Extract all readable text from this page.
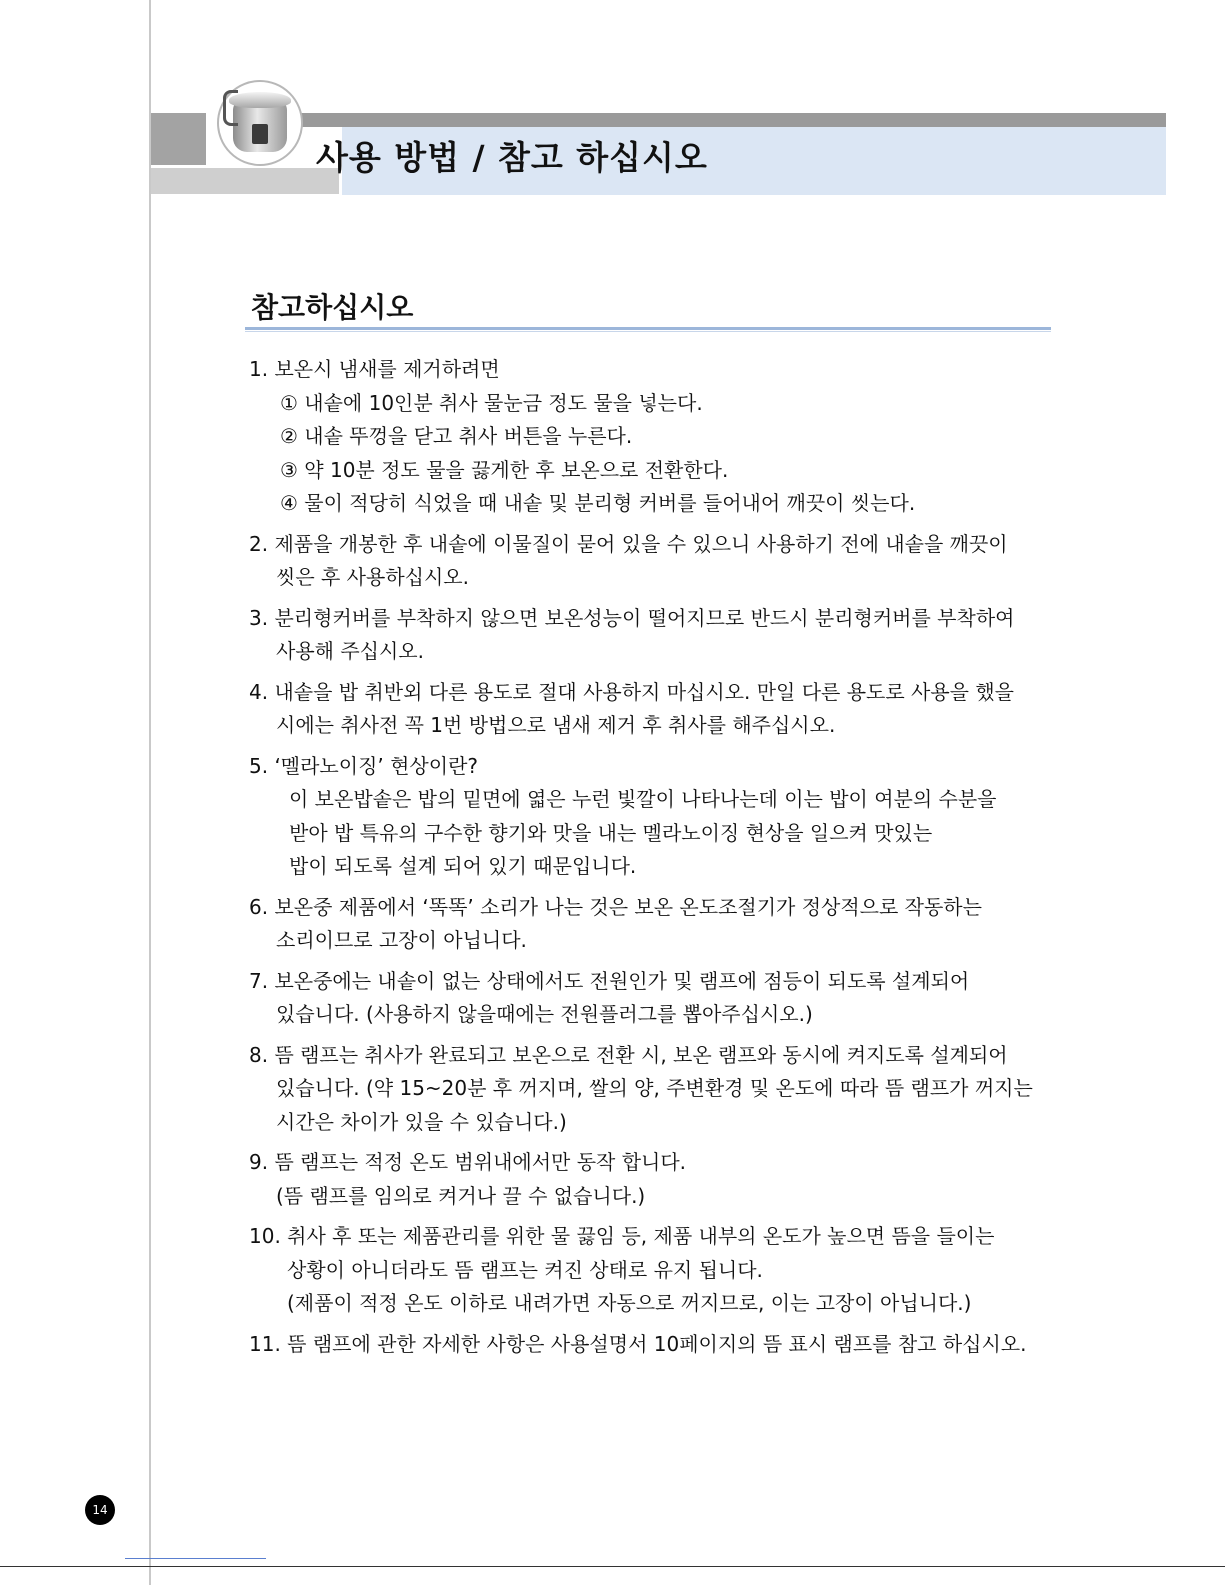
사용 방법 / 참고 하십시오
참고하십시오

1. 보온시 냄새를 제거하려면

① 내솥에 10인분 취사 물눈금 정도 물을 넣는다.

② 내솥 뚜껑을 닫고 취사 버튼을 누른다.

③ 약 10분 정도 물을 끓게한 후 보온으로 전환한다.

④ 물이 적당히 식었을 때 내솥 및 분리형 커버를 들어내어 깨끗이 씻는다.

2. 제품을 개봉한 후 내솥에 이물질이 묻어 있을 수 있으니 사용하기 전에 내솥을 깨끗이

씻은 후 사용하십시오.

3. 분리형커버를 부착하지 않으면 보온성능이 떨어지므로 반드시 분리형커버를 부착하여

사용해 주십시오.

4. 내솥을 밥 취반외 다른 용도로 절대 사용하지 마십시오. 만일 다른 용도로 사용을 했을

시에는 취사전 꼭 1번 방법으로 냄새 제거 후 취사를 해주십시오.

5. ‘멜라노이징’ 현상이란?

이 보온밥솥은 밥의 밑면에 엷은 누런 빛깔이 나타나는데 이는 밥이 여분의 수분을

받아 밥 특유의 구수한 향기와 맛을 내는 멜라노이징 현상을 일으켜 맛있는

밥이 되도록 설계 되어 있기 때문입니다.

6. 보온중 제품에서 ‘똑똑’ 소리가 나는 것은 보온 온도조절기가 정상적으로 작동하는

소리이므로 고장이 아닙니다.

7. 보온중에는 내솥이 없는 상태에서도 전원인가 및 램프에 점등이 되도록 설계되어

있습니다. (사용하지 않을때에는 전원플러그를 뽑아주십시오.)

8. 뜸 램프는 취사가 완료되고 보온으로 전환 시, 보온 램프와 동시에 켜지도록 설계되어

있습니다. (약 15~20분 후 꺼지며, 쌀의 양, 주변환경 및 온도에 따라 뜸 램프가 꺼지는

시간은 차이가 있을 수 있습니다.)

9. 뜸 램프는 적정 온도 범위내에서만 동작 합니다.

(뜸 램프를 임의로 켜거나 끌 수 없습니다.)

10. 취사 후 또는 제품관리를 위한 물 끓임 등, 제품 내부의 온도가 높으면 뜸을 들이는

상황이 아니더라도 뜸 램프는 켜진 상태로 유지 됩니다.

(제품이 적정 온도 이하로 내려가면 자동으로 꺼지므로, 이는 고장이 아닙니다.)

11. 뜸 램프에 관한 자세한 사항은 사용설명서 10페이지의 뜸 표시 램프를 참고 하십시오.

14
